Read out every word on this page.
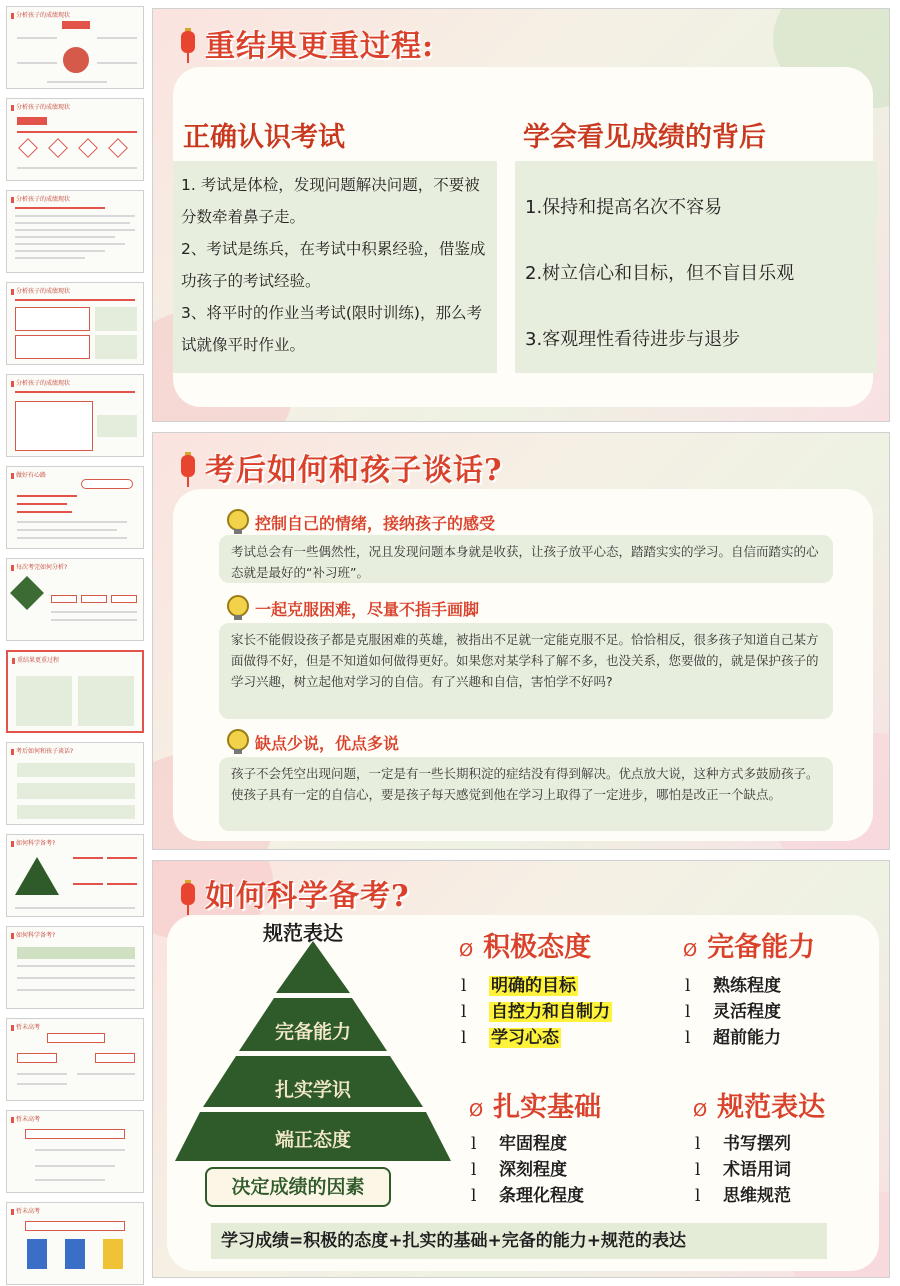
分析孩子的成绩现状
分析孩子的成绩现状
分析孩子的成绩现状
分析孩子的成绩现状
分析孩子的成绩现状
做好有心路
每次考完如何分析?
重结果更重过程
考后如何和孩子谈话?
如何科学备考?
如何科学备考?
暂未高考
暂未高考
暂未高考
重结果更重过程:
正确认识考试	学会看见成绩的背后

1. 考试是体检，发现问题解决问题，不要被分数牵着鼻子走。

2、考试是练兵，在考试中积累经验，借鉴成功孩子的考试经验。

3、将平时的作业当考试(限时训练)，那么考试就像平时作业。

1.保持和提高名次不容易

2.树立信心和目标，但不盲目乐观

3.客观理性看待进步与退步

考后如何和孩子谈话?
控制自己的情绪，接纳孩子的感受

考试总会有一些偶然性，况且发现问题本身就是收获，让孩子放平心态，踏踏实实的学习。自信而踏实的心态就是最好的“补习班”。

一起克服困难，尽量不指手画脚

家长不能假设孩子都是克服困难的英雄，被指出不足就一定能克服不足。恰恰相反，很多孩子知道自己某方面做得不好，但是不知道如何做得更好。如果您对某学科了解不多，也没关系，您要做的，就是保护孩子的学习兴趣，树立起他对学习的自信。有了兴趣和自信，害怕学不好吗?

缺点少说，优点多说

孩子不会凭空出现问题，一定是有一些长期积淀的症结没有得到解决。优点放大说，这种方式多鼓励孩子。使孩子具有一定的自信心，要是孩子每天感觉到他在学习上取得了一定进步，哪怕是改正一个缺点。

如何科学备考?
规范表达
完备能力
扎实学识
端正态度
决定成绩的因素
Ø 积极态度
l 明确的目标
l 自控力和自制力
l 学习心态
Ø 完备能力
l 熟练程度
l 灵活程度
l 超前能力
Ø 扎实基础
l 牢固程度
l 深刻程度
l 条理化程度
Ø 规范表达
l 书写摆列
l 术语用词
l 思维规范
学习成绩=积极的态度+扎实的基础+完备的能力+规范的表达
